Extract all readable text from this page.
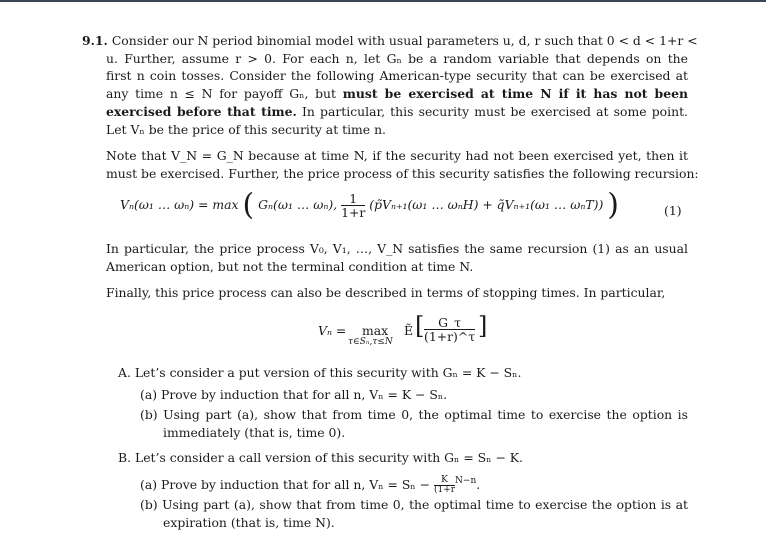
9.1. Consider our N period binomial model with usual parameters u, d, r such that 0 < d < 1+r <
u. Further, assume r > 0. For each n, let Gₙ be a random variable that depends on the
first n coin tosses. Consider the following American-type security that can be exercised at
any time n ≤ N for payoff Gₙ, but must be exercised at time N if it has not been
exercised before that time. In particular, this security must be exercised at some point.
Let Vₙ be the price of this security at time n.
Note that V_N = G_N because at time N, if the security had not been exercised yet, then it
must be exercised. Further, the price process of this security satisfies the following recursion:
Vₙ(ω₁ … ωₙ) = max ( Gₙ(ω₁ … ωₙ), $\frac{1}{1+r}$ (p̃Vₙ₊₁(ω₁ … ωₙH) + q̃Vₙ₊₁(ω₁ … ωₙT)) )	(1)
In particular, the price process V₀, V₁, …, V_N satisfies the same recursion (1) as an usual
American option, but not the terminal condition at time N.
Finally, this price process can also be described in terms of stopping times. In particular,
Vₙ = max
τ∈Sₙ,τ≤N
Ẽ [ $\frac{G\_\tau}{(1+r)\^{}\tau}$ ]
A. Let’s consider a put version of this security with Gₙ = K − Sₙ.
(a) Prove by induction that for all n, Vₙ = K − Sₙ.
(b) Using part (a), show that from time 0, the optimal time to exercise the option is
immediately (that is, time 0).
B. Let’s consider a call version of this security with Gₙ = Sₙ − K.
(a) Prove by induction that for all n, $V_n = S_n - \frac{K}{(1+r} ^{N-n}$.
(b) Using part (a), show that from time 0, the optimal time to exercise the option is at
expiration (that is, time N).
